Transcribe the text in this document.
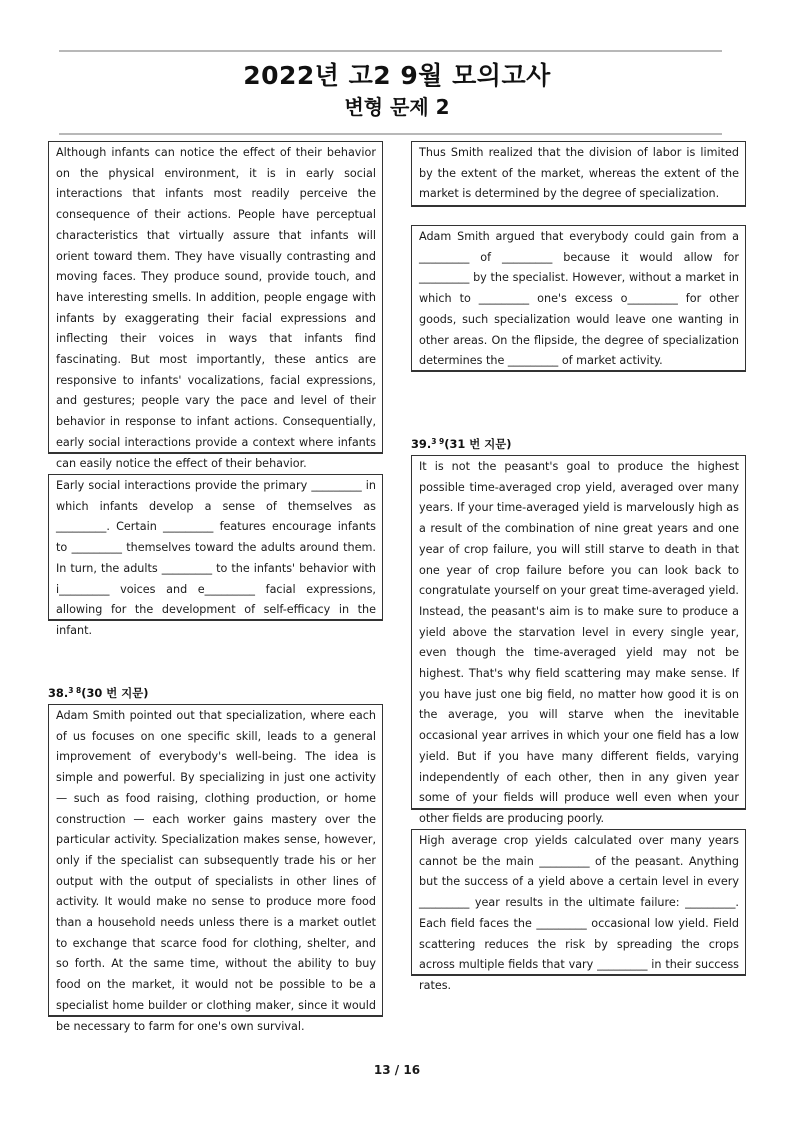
2022년 고2 9월 모의고사
변형 문제 2
Although infants can notice the effect of their behavior on the physical environment, it is in early social interactions that infants most readily perceive the consequence of their actions. People have perceptual characteristics that virtually assure that infants will orient toward them. They have visually contrasting and moving faces. They produce sound, provide touch, and have interesting smells. In addition, people engage with infants by exaggerating their facial expressions and inflecting their voices in ways that infants find fascinating. But most importantly, these antics are responsive to infants' vocalizations, facial expressions, and gestures; people vary the pace and level of their behavior in response to infant actions. Consequentially, early social interactions provide a context where infants can easily notice the effect of their behavior.
Early social interactions provide the primary _________ in which infants develop a sense of themselves as _________. Certain _________ features encourage infants to _________ themselves toward the adults around them. In turn, the adults _________ to the infants' behavior with i_________ voices and e_________ facial expressions, allowing for the development of self-efficacy in the infant.
38.$^{3 8}$(30 번 지문)
Adam Smith pointed out that specialization, where each of us focuses on one specific skill, leads to a general improvement of everybody's well-being. The idea is simple and powerful. By specializing in just one activity — such as food raising, clothing production, or home construction — each worker gains mastery over the particular activity. Specialization makes sense, however, only if the specialist can subsequently trade his or her output with the output of specialists in other lines of activity. It would make no sense to produce more food than a household needs unless there is a market outlet to exchange that scarce food for clothing, shelter, and so forth. At the same time, without the ability to buy food on the market, it would not be possible to be a specialist home builder or clothing maker, since it would be necessary to farm for one's own survival.
Thus Smith realized that the division of labor is limited by the extent of the market, whereas the extent of the market is determined by the degree of specialization.
Adam Smith argued that everybody could gain from a _________ of _________ because it would allow for _________ by the specialist. However, without a market in which to _________ one's excess o_________ for other goods, such specialization would leave one wanting in other areas. On the flipside, the degree of specialization determines the _________ of market activity.
39.$^{3 9}$(31 번 지문)
It is not the peasant's goal to produce the highest possible time-averaged crop yield, averaged over many years. If your time-averaged yield is marvelously high as a result of the combination of nine great years and one year of crop failure, you will still starve to death in that one year of crop failure before you can look back to congratulate yourself on your great time-averaged yield. Instead, the peasant's aim is to make sure to produce a yield above the starvation level in every single year, even though the time-averaged yield may not be highest. That's why field scattering may make sense. If you have just one big field, no matter how good it is on the average, you will starve when the inevitable occasional year arrives in which your one field has a low yield. But if you have many different fields, varying independently of each other, then in any given year some of your fields will produce well even when your other fields are producing poorly.
High average crop yields calculated over many years cannot be the main _________ of the peasant. Anything but the success of a yield above a certain level in every _________ year results in the ultimate failure: _________. Each field faces the _________ occasional low yield. Field scattering reduces the risk by spreading the crops across multiple fields that vary _________ in their success rates.
13 / 16
